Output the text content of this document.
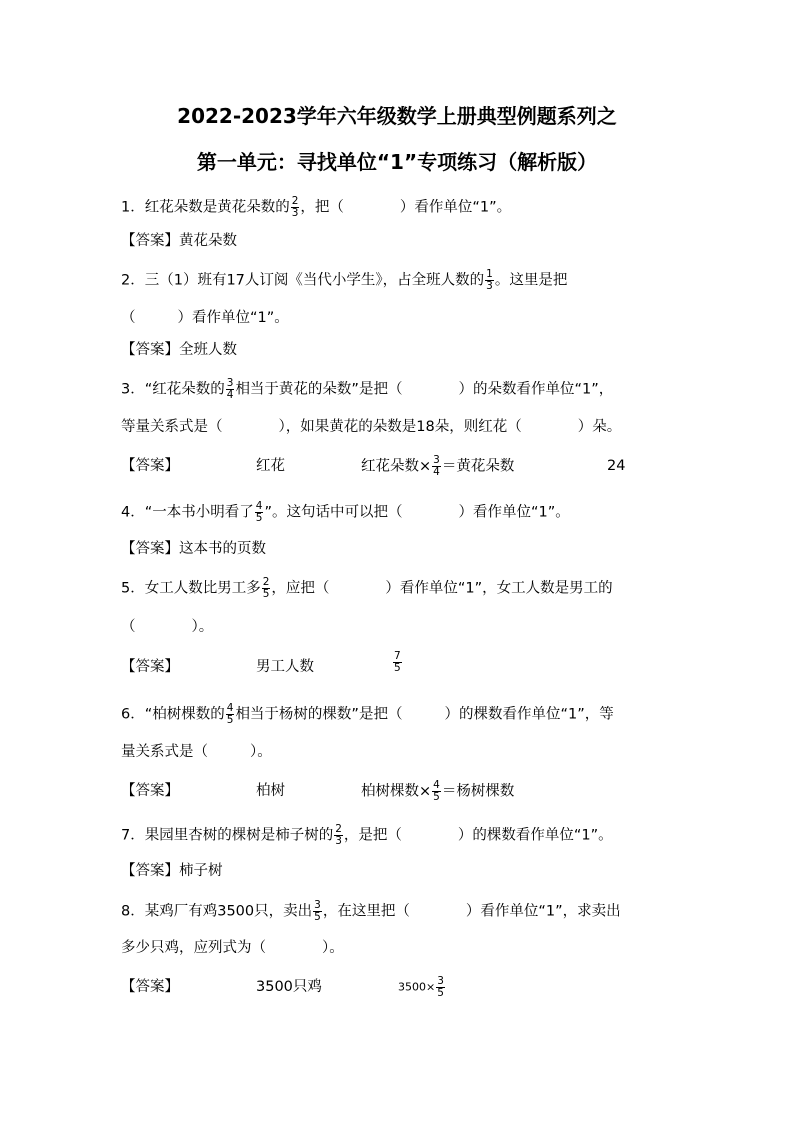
2022-2023学年六年级数学上册典型例题系列之
第一单元：寻找单位“1”专项练习（解析版）
1．红花朵数是黄花朵数的 $\frac{2}{3}$ ，把（	）看作单位“1”。
【答案】黄花朵数
2．三（1）班有17人订阅《当代小学生》，占全班人数的 $\frac{1}{3}$ 。这里是把
（	）看作单位“1”。
【答案】全班人数
3．“红花朵数的 $\frac{3}{4}$ 相当于黄花的朵数”是把（	）的朵数看作单位“1”，
等量关系式是（	），如果黄花的朵数是18朵，则红花（	）朵。
【答案】	红花	红花朵数× $\frac{3}{4}$ ＝黄花朵数	24
4．“一本书小明看了 $\frac{4}{5}$ ”。这句话中可以把（	）看作单位“1”。
【答案】这本书的页数
5．女工人数比男工多 $\frac{2}{5}$ ，应把（	）看作单位“1”，女工人数是男工的
（	）。
【答案】	男工人数	$\frac{7}{5}$
6．“柏树棵数的 $\frac{4}{5}$ 相当于杨树的棵数”是把（	）的棵数看作单位“1”，等
量关系式是（	）。
【答案】	柏树	柏树棵数× $\frac{4}{5}$ ＝杨树棵数
7．果园里杏树的棵树是柿子树的 $\frac{2}{3}$ ，是把（	）的棵数看作单位“1”。
【答案】柿子树
8．某鸡厂有鸡3500只，卖出 $\frac{3}{5}$ ，在这里把（	）看作单位“1”，求卖出
多少只鸡，应列式为（	）。
【答案】	3500只鸡	$3500\times \frac{3}{5}$
